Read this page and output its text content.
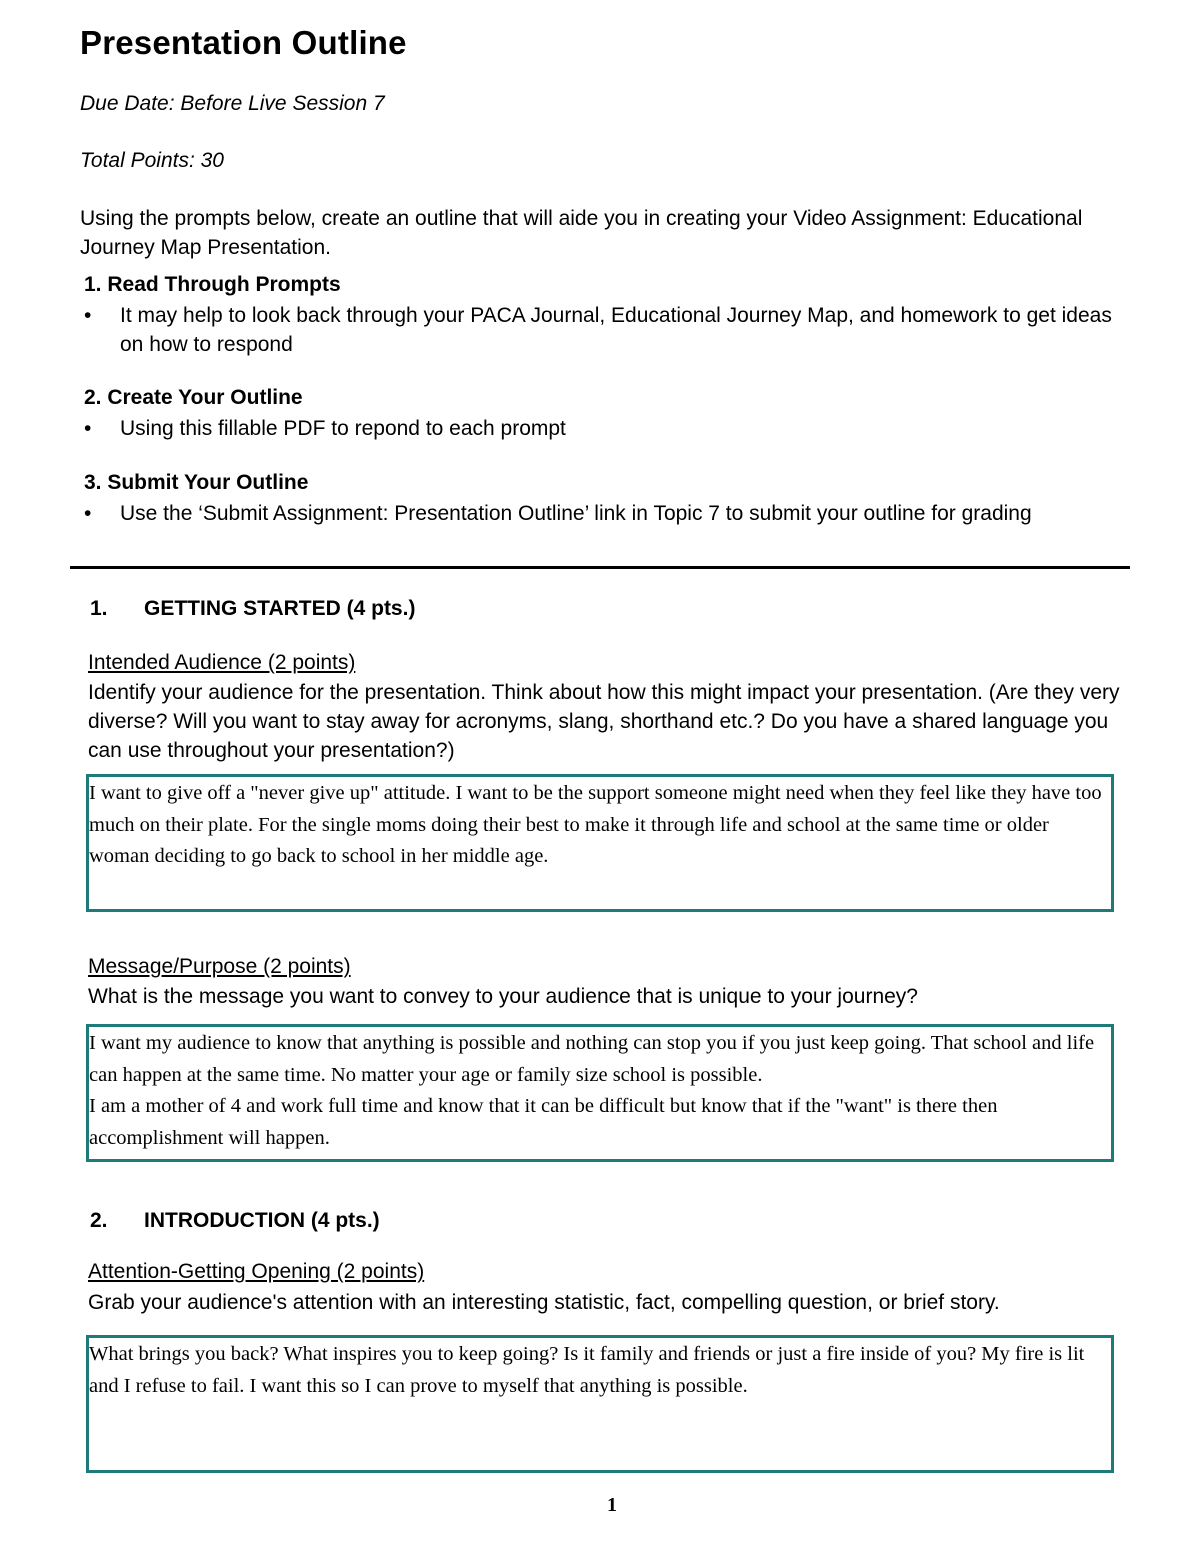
Presentation Outline
Due Date: Before Live Session 7
Total Points: 30
Using the prompts below, create an outline that will aide you in creating your Video Assignment: Educational Journey Map Presentation.
1. Read Through Prompts
• It may help to look back through your PACA Journal, Educational Journey Map, and homework to get ideas on how to respond
2. Create Your Outline
• Using this fillable PDF to repond to each prompt
3. Submit Your Outline
• Use the ‘Submit Assignment: Presentation Outline’ link in Topic 7 to submit your outline for grading
1. GETTING STARTED (4 pts.)
Intended Audience (2 points)
Identify your audience for the presentation. Think about how this might impact your presentation. (Are they very diverse? Will you want to stay away for acronyms, slang, shorthand etc.? Do you have a shared language you can use throughout your presentation?)
I want to give off a "never give up" attitude. I want to be the support someone might need when they feel like they have too much on their plate. For the single moms doing their best to make it through life and school at the same time or older woman deciding to go back to school in her middle age.
Message/Purpose (2 points)
What is the message you want to convey to your audience that is unique to your journey?
I want my audience to know that anything is possible and nothing can stop you if you just keep going. That school and life can happen at the same time. No matter your age or family size school is possible.
I am a mother of 4 and work full time and know that it can be difficult but know that if the "want" is there then accomplishment will happen.
2. INTRODUCTION (4 pts.)
Attention-Getting Opening (2 points)
Grab your audience's attention with an interesting statistic, fact, compelling question, or brief story.
What brings you back? What inspires you to keep going? Is it family and friends or just a fire inside of you? My fire is lit and I refuse to fail. I want this so I can prove to myself that anything is possible.
1
